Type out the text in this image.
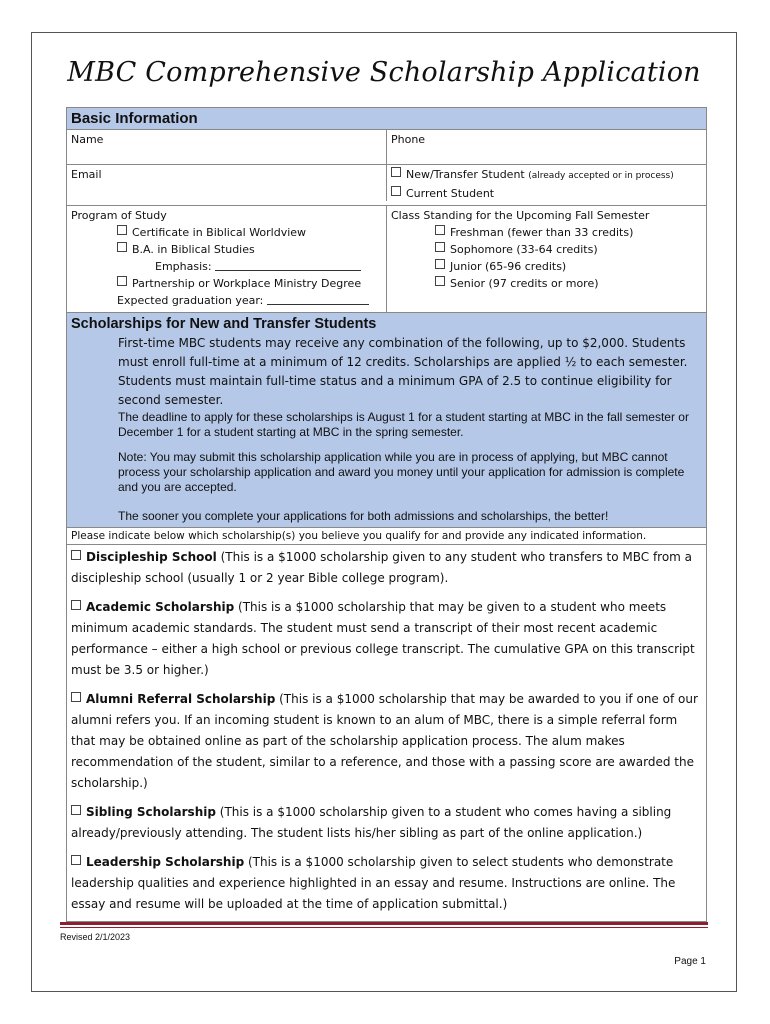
MBC Comprehensive Scholarship Application
Basic Information
Name	Phone
Email	New/Transfer Student (already accepted or in process)
Current Student
Program of Study
Certificate in Biblical Worldview
B.A. in Biblical Studies
Emphasis:
Partnership or Workplace Ministry Degree
Expected graduation year:
Class Standing for the Upcoming Fall Semester
Freshman (fewer than 33 credits)
Sophomore (33-64 credits)
Junior (65-96 credits)
Senior (97 credits or more)
Scholarships for New and Transfer Students

First-time MBC students may receive any combination of the following, up to $2,000. Students must enroll full-time at a minimum of 12 credits. Scholarships are applied ½ to each semester. Students must maintain full-time status and a minimum GPA of 2.5 to continue eligibility for second semester.

The deadline to apply for these scholarships is August 1 for a student starting at MBC in the fall semester or December 1 for a student starting at MBC in the spring semester.

Note: You may submit this scholarship application while you are in process of applying, but MBC cannot process your scholarship application and award you money until your application for admission is complete and you are accepted.

The sooner you complete your applications for both admissions and scholarships, the better!

Please indicate below which scholarship(s) you believe you qualify for and provide any indicated information.
Discipleship School (This is a $1000 scholarship given to any student who transfers to MBC from a discipleship school (usually 1 or 2 year Bible college program).
Academic Scholarship (This is a $1000 scholarship that may be given to a student who meets minimum academic standards. The student must send a transcript of their most recent academic performance – either a high school or previous college transcript. The cumulative GPA on this transcript must be 3.5 or higher.)
Alumni Referral Scholarship (This is a $1000 scholarship that may be awarded to you if one of our alumni refers you. If an incoming student is known to an alum of MBC, there is a simple referral form that may be obtained online as part of the scholarship application process. The alum makes recommendation of the student, similar to a reference, and those with a passing score are awarded the scholarship.)
Sibling Scholarship (This is a $1000 scholarship given to a student who comes having a sibling already/previously attending. The student lists his/her sibling as part of the online application.)
Leadership Scholarship (This is a $1000 scholarship given to select students who demonstrate leadership qualities and experience highlighted in an essay and resume. Instructions are online. The essay and resume will be uploaded at the time of application submittal.)
Revised 2/1/2023
Page 1
